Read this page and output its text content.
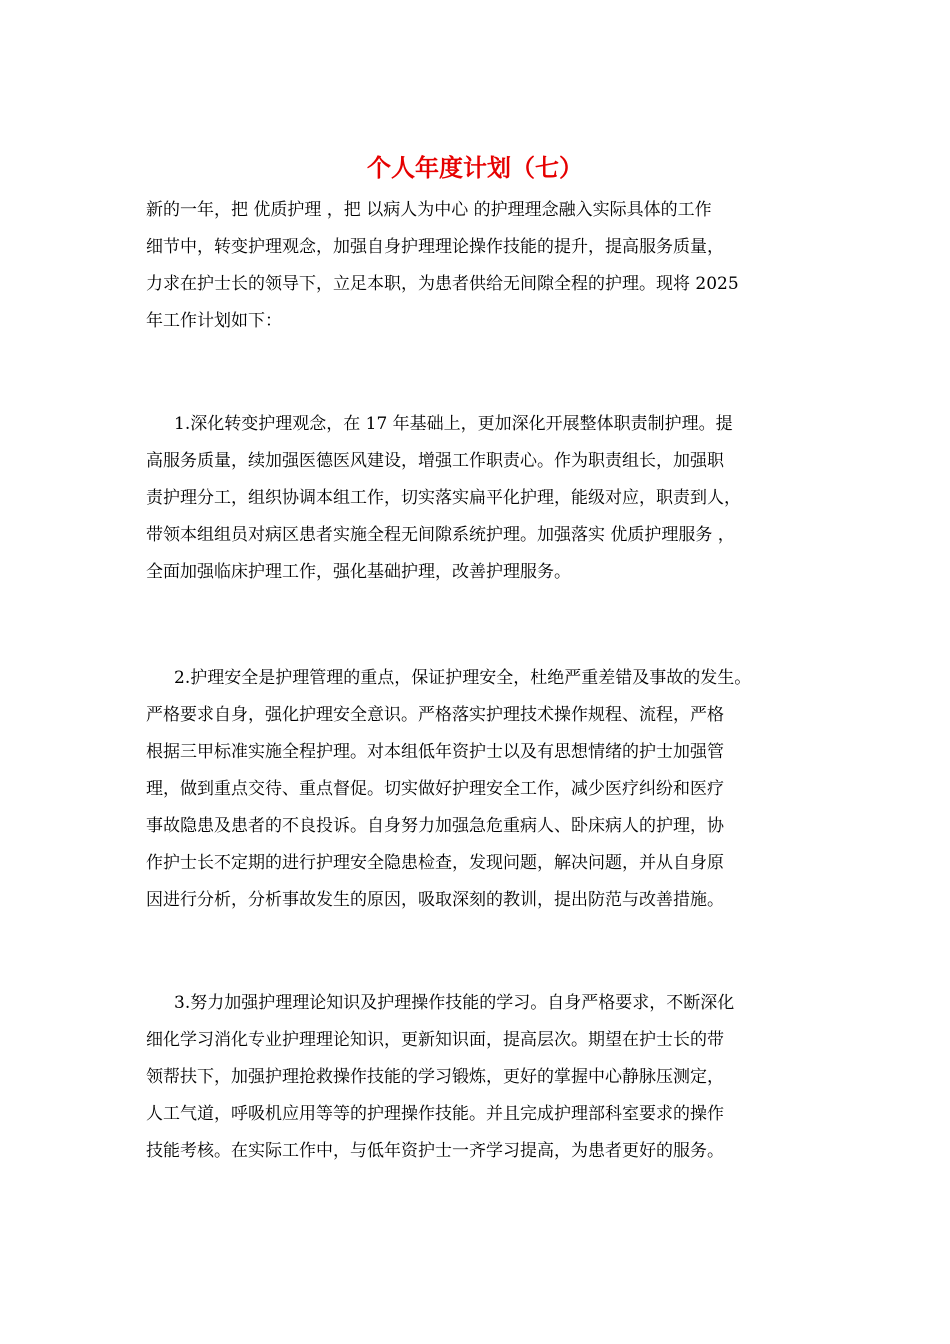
个人年度计划（七）
新的一年，把 优质护理 ，把 以病人为中心 的护理理念融入实际具体的工作
细节中，转变护理观念，加强自身护理理论操作技能的提升，提高服务质量，
力求在护士长的领导下，立足本职，为患者供给无间隙全程的护理。现将 2025
年工作计划如下：
1.深化转变护理观念，在 17 年基础上，更加深化开展整体职责制护理。提
高服务质量，续加强医德医风建设，增强工作职责心。作为职责组长，加强职
责护理分工，组织协调本组工作，切实落实扁平化护理，能级对应，职责到人，
带领本组组员对病区患者实施全程无间隙系统护理。加强落实 优质护理服务 ，
全面加强临床护理工作，强化基础护理，改善护理服务。
2.护理安全是护理管理的重点，保证护理安全，杜绝严重差错及事故的发生。
严格要求自身，强化护理安全意识。严格落实护理技术操作规程、流程，严格
根据三甲标准实施全程护理。对本组低年资护士以及有思想情绪的护士加强管
理，做到重点交待、重点督促。切实做好护理安全工作，减少医疗纠纷和医疗
事故隐患及患者的不良投诉。自身努力加强急危重病人、卧床病人的护理，协
作护士长不定期的进行护理安全隐患检查，发现问题，解决问题，并从自身原
因进行分析，分析事故发生的原因，吸取深刻的教训，提出防范与改善措施。
3.努力加强护理理论知识及护理操作技能的学习。自身严格要求，不断深化
细化学习消化专业护理理论知识，更新知识面，提高层次。期望在护士长的带
领帮扶下，加强护理抢救操作技能的学习锻炼，更好的掌握中心静脉压测定，
人工气道，呼吸机应用等等的护理操作技能。并且完成护理部科室要求的操作
技能考核。在实际工作中，与低年资护士一齐学习提高，为患者更好的服务。
